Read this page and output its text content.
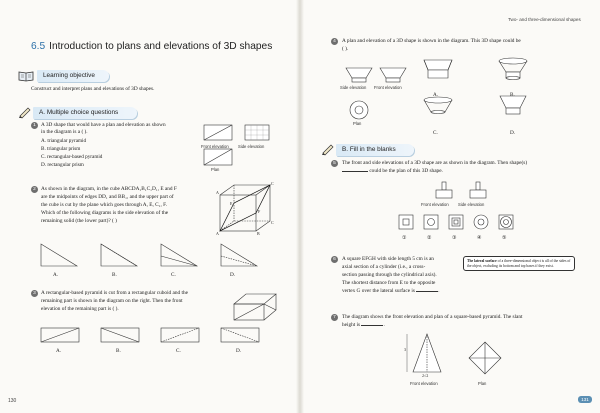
6.5 Introduction to plans and elevations of 3D shapes
Learning objective
Construct and interpret plans and elevations of 3D shapes.
A. Multiple choice questions
1 A 3D shape that would have a plan and elevation as shown
in the diagram is a ( ).
A. triangular pyramid
B. triangular prism
C. rectangular-based pyramid
D. rectangular prism
Front elevation Side elevation
Plan
2 As shown in the diagram, in the cube ABCDA₁B₁C₁D₁, E and F
are the midpoints of edges DD₁ and BB₁, and the upper part of
the cube is cut by the plane which goes through A, E, C₁, F.
Which of the following diagrams is the side elevation of the
remaining solid (the lower part)? ( )
A	B
C
A
C
E
F
A.	B.	C.	D.
3 A rectangular-based pyramid is cut from a rectangular cuboid and the
remaining part is shown in the diagram on the right. Then the front
elevation of the remaining part is ( ).
A.	B.	C.	D.
130
Two- and three-dimensional shapes
4	A plan and elevation of a 3D shape is shown in the diagram. This 3D shape could be
( ).
Side elevation Front elevation
Plan
A.	B.
C.	D.
B. Fill in the blanks
5	The front and side elevations of a 3D shape are as shown in the diagram. Then shape(s)
could be the plan of this 3D shape.
Front elevation Side elevation
①	②	③	④	⑤
6	A square EFGH with side length 5 cm is an
axial section of a cylinder (i.e., a cross-
section passing through the cylindrical axis).
The shortest distance from E to the opposite
vertex G over the lateral surface is	.
The lateral surface of a three-dimensional object is all of the sides of the object, excluding its bottom and top bases if they exist.
7	The diagram shows the front elevation and plan of a square-based pyramid. The slant
height is	.
3
2√2
Front elevation	Plan
131
